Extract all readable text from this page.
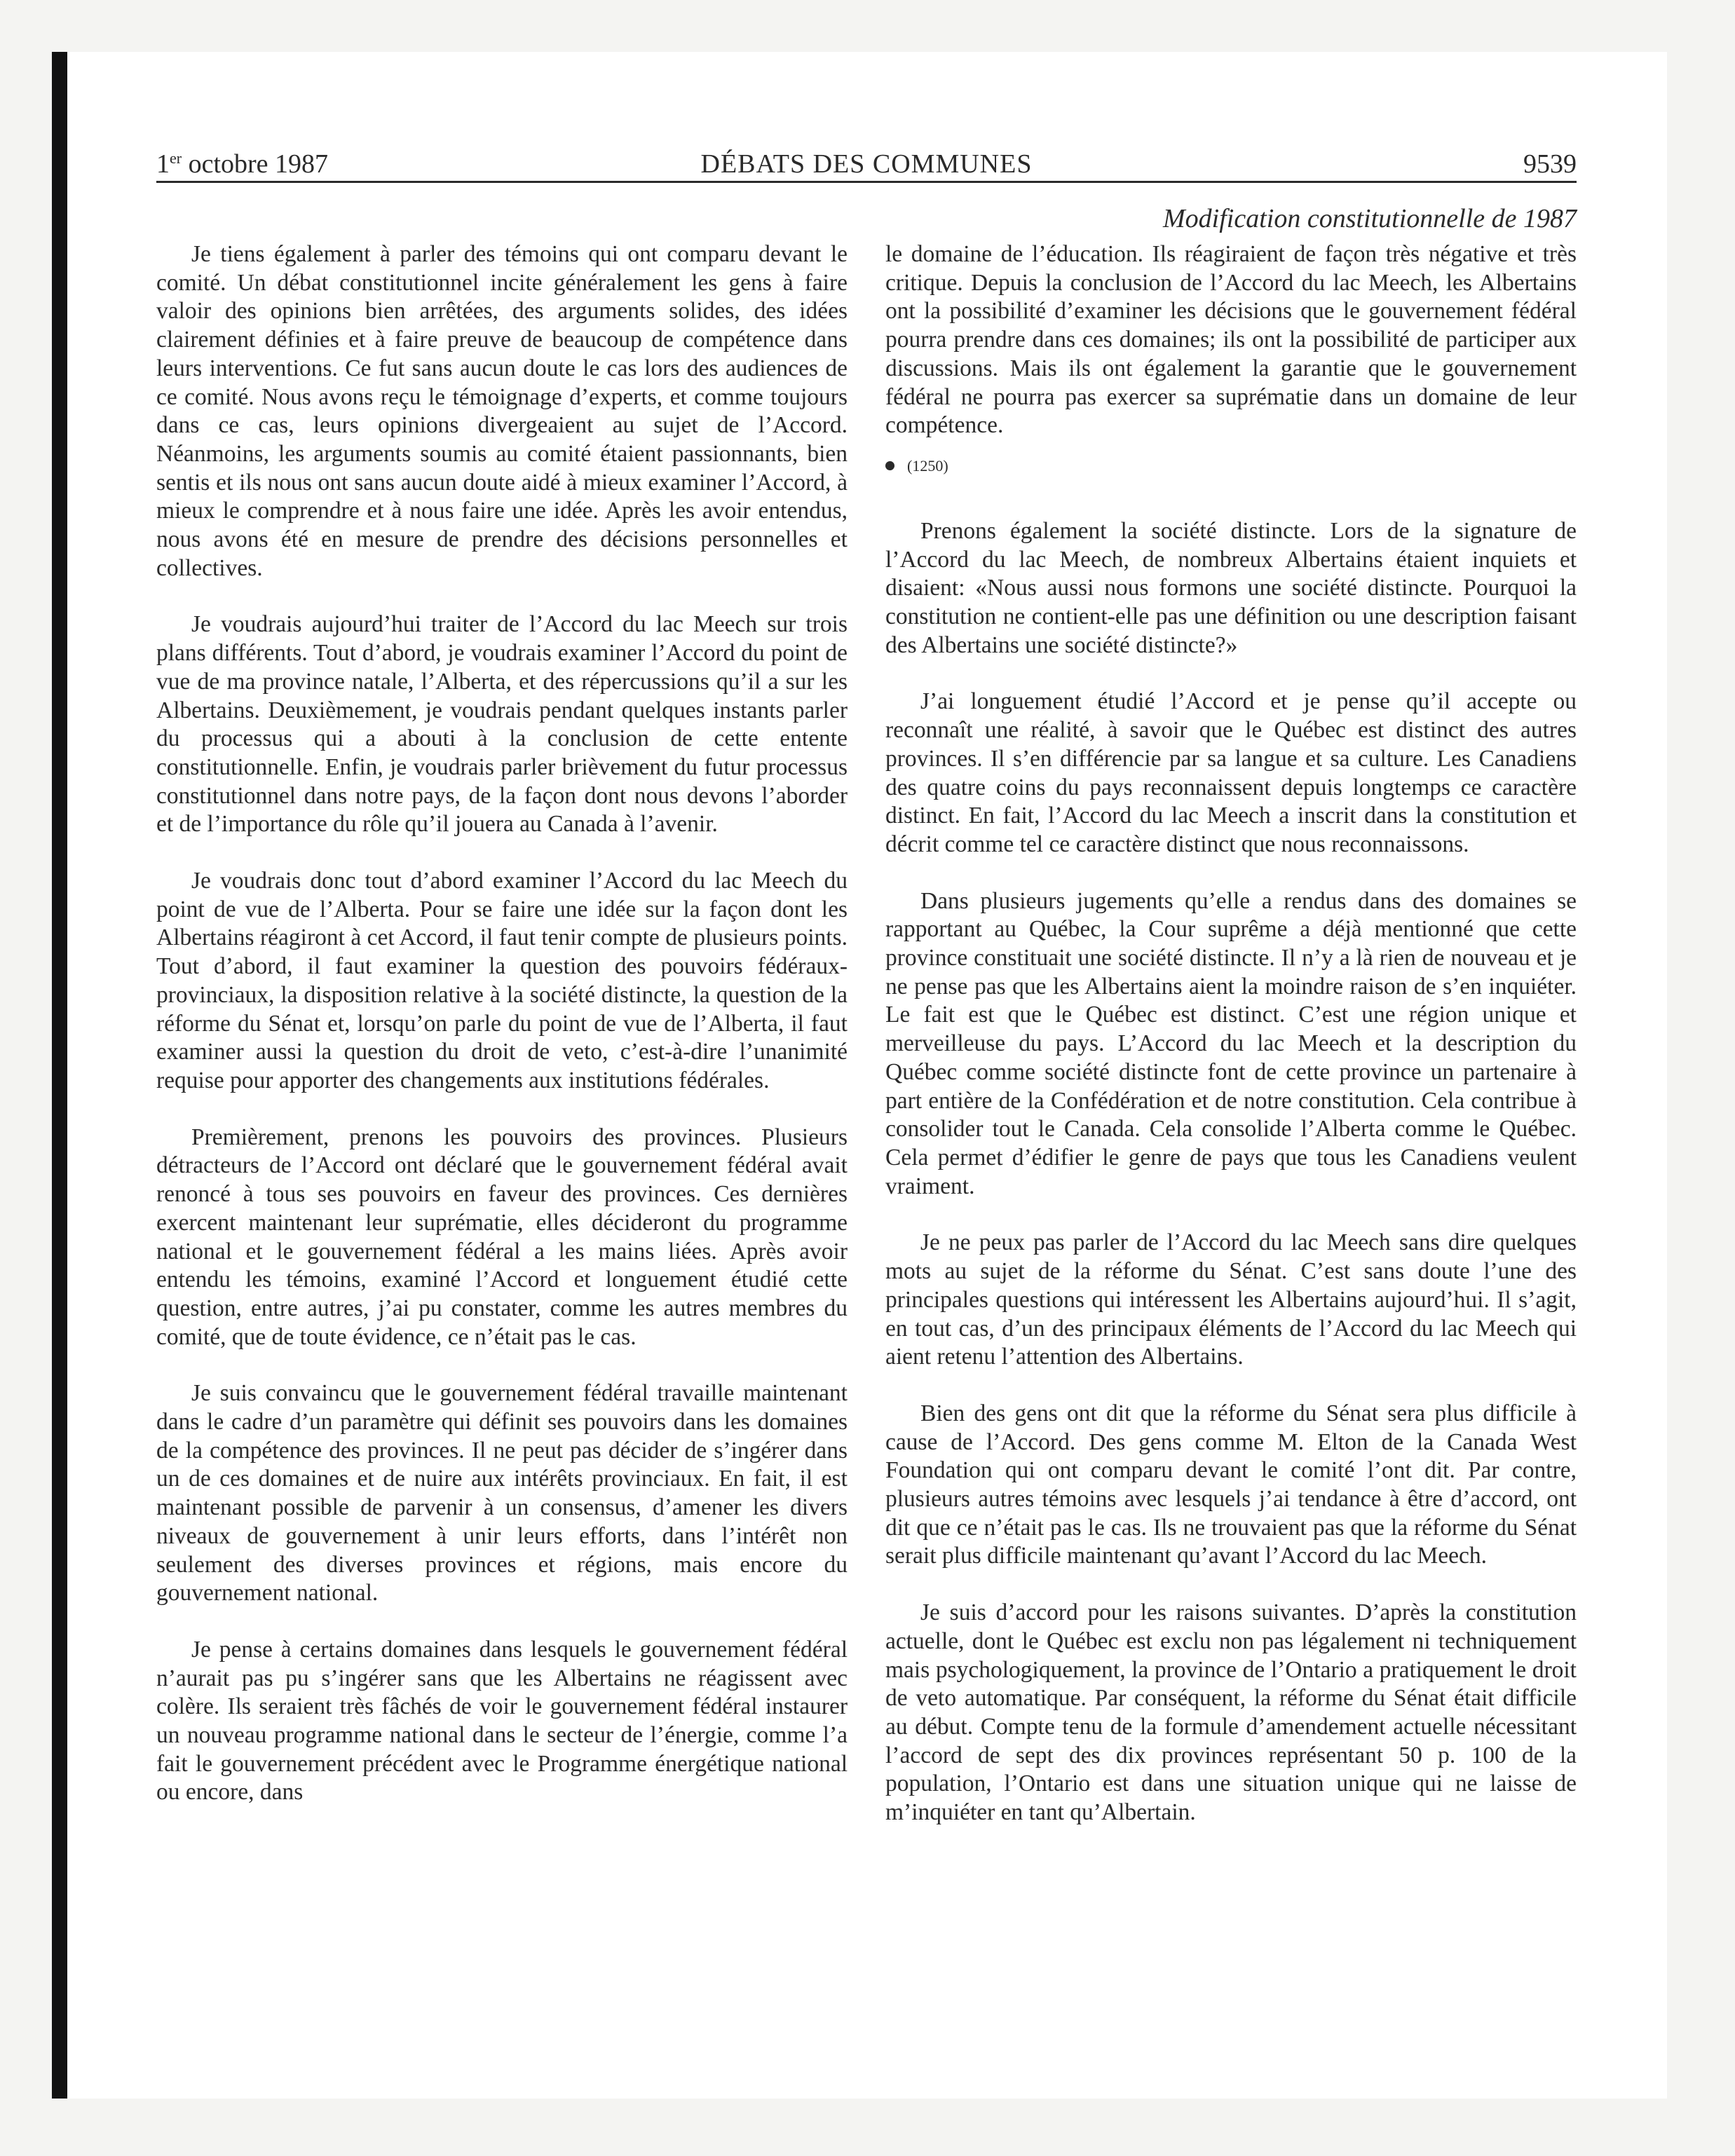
1er octobre 1987	DÉBATS DES COMMUNES	9539
Modification constitutionnelle de 1987

Je tiens également à parler des témoins qui ont comparu devant le comité. Un débat constitutionnel incite généralement les gens à faire valoir des opinions bien arrêtées, des arguments solides, des idées clairement définies et à faire preuve de beaucoup de compétence dans leurs interventions. Ce fut sans aucun doute le cas lors des audiences de ce comité. Nous avons reçu le témoignage d’experts, et comme toujours dans ce cas, leurs opinions divergeaient au sujet de l’Accord. Néanmoins, les arguments soumis au comité étaient passionnants, bien sentis et ils nous ont sans aucun doute aidé à mieux examiner l’Accord, à mieux le comprendre et à nous faire une idée. Après les avoir entendus, nous avons été en mesure de prendre des décisions personnelles et collectives.

Je voudrais aujourd’hui traiter de l’Accord du lac Meech sur trois plans différents. Tout d’abord, je voudrais examiner l’Accord du point de vue de ma province natale, l’Alberta, et des répercussions qu’il a sur les Albertains. Deuxièmement, je voudrais pendant quelques instants parler du processus qui a abouti à la conclusion de cette entente constitutionnelle. Enfin, je voudrais parler brièvement du futur processus constitutionnel dans notre pays, de la façon dont nous devons l’aborder et de l’importance du rôle qu’il jouera au Canada à l’avenir.

Je voudrais donc tout d’abord examiner l’Accord du lac Meech du point de vue de l’Alberta. Pour se faire une idée sur la façon dont les Albertains réagiront à cet Accord, il faut tenir compte de plusieurs points. Tout d’abord, il faut examiner la question des pouvoirs fédéraux-provinciaux, la disposition relative à la société distincte, la question de la réforme du Sénat et, lorsqu’on parle du point de vue de l’Alberta, il faut examiner aussi la question du droit de veto, c’est-à-dire l’unanimité requise pour apporter des changements aux institutions fédérales.

Premièrement, prenons les pouvoirs des provinces. Plusieurs détracteurs de l’Accord ont déclaré que le gouvernement fédéral avait renoncé à tous ses pouvoirs en faveur des provinces. Ces dernières exercent maintenant leur suprématie, elles décideront du programme national et le gouvernement fédéral a les mains liées. Après avoir entendu les témoins, examiné l’Accord et longuement étudié cette question, entre autres, j’ai pu constater, comme les autres membres du comité, que de toute évidence, ce n’était pas le cas.

Je suis convaincu que le gouvernement fédéral travaille maintenant dans le cadre d’un paramètre qui définit ses pouvoirs dans les domaines de la compétence des provinces. Il ne peut pas décider de s’ingérer dans un de ces domaines et de nuire aux intérêts provinciaux. En fait, il est maintenant possible de parvenir à un consensus, d’amener les divers niveaux de gouvernement à unir leurs efforts, dans l’intérêt non seulement des diverses provinces et régions, mais encore du gouvernement national.

Je pense à certains domaines dans lesquels le gouvernement fédéral n’aurait pas pu s’ingérer sans que les Albertains ne réagissent avec colère. Ils seraient très fâchés de voir le gouvernement fédéral instaurer un nouveau programme national dans le secteur de l’énergie, comme l’a fait le gouvernement précédent avec le Programme énergétique national ou encore, dans

le domaine de l’éducation. Ils réagiraient de façon très négative et très critique. Depuis la conclusion de l’Accord du lac Meech, les Albertains ont la possibilité d’examiner les décisions que le gouvernement fédéral pourra prendre dans ces domaines; ils ont la possibilité de participer aux discussions. Mais ils ont également la garantie que le gouvernement fédéral ne pourra pas exercer sa suprématie dans un domaine de leur compétence.

(1250)

Prenons également la société distincte. Lors de la signature de l’Accord du lac Meech, de nombreux Albertains étaient inquiets et disaient: «Nous aussi nous formons une société distincte. Pourquoi la constitution ne contient-elle pas une définition ou une description faisant des Albertains une société distincte?»

J’ai longuement étudié l’Accord et je pense qu’il accepte ou reconnaît une réalité, à savoir que le Québec est distinct des autres provinces. Il s’en différencie par sa langue et sa culture. Les Canadiens des quatre coins du pays reconnaissent depuis longtemps ce caractère distinct. En fait, l’Accord du lac Meech a inscrit dans la constitution et décrit comme tel ce caractère distinct que nous reconnaissons.

Dans plusieurs jugements qu’elle a rendus dans des domaines se rapportant au Québec, la Cour suprême a déjà mentionné que cette province constituait une société distincte. Il n’y a là rien de nouveau et je ne pense pas que les Albertains aient la moindre raison de s’en inquiéter. Le fait est que le Québec est distinct. C’est une région unique et merveilleuse du pays. L’Accord du lac Meech et la description du Québec comme société distincte font de cette province un partenaire à part entière de la Confédération et de notre constitution. Cela contribue à consolider tout le Canada. Cela consolide l’Alberta comme le Québec. Cela permet d’édifier le genre de pays que tous les Canadiens veulent vraiment.

Je ne peux pas parler de l’Accord du lac Meech sans dire quelques mots au sujet de la réforme du Sénat. C’est sans doute l’une des principales questions qui intéressent les Albertains aujourd’hui. Il s’agit, en tout cas, d’un des principaux éléments de l’Accord du lac Meech qui aient retenu l’attention des Albertains.

Bien des gens ont dit que la réforme du Sénat sera plus difficile à cause de l’Accord. Des gens comme M. Elton de la Canada West Foundation qui ont comparu devant le comité l’ont dit. Par contre, plusieurs autres témoins avec lesquels j’ai tendance à être d’accord, ont dit que ce n’était pas le cas. Ils ne trouvaient pas que la réforme du Sénat serait plus difficile maintenant qu’avant l’Accord du lac Meech.

Je suis d’accord pour les raisons suivantes. D’après la constitution actuelle, dont le Québec est exclu non pas légalement ni techniquement mais psychologiquement, la province de l’Ontario a pratiquement le droit de veto automatique. Par conséquent, la réforme du Sénat était difficile au début. Compte tenu de la formule d’amendement actuelle nécessitant l’accord de sept des dix provinces représentant 50 p. 100 de la population, l’Ontario est dans une situation unique qui ne laisse de m’inquiéter en tant qu’Albertain.
